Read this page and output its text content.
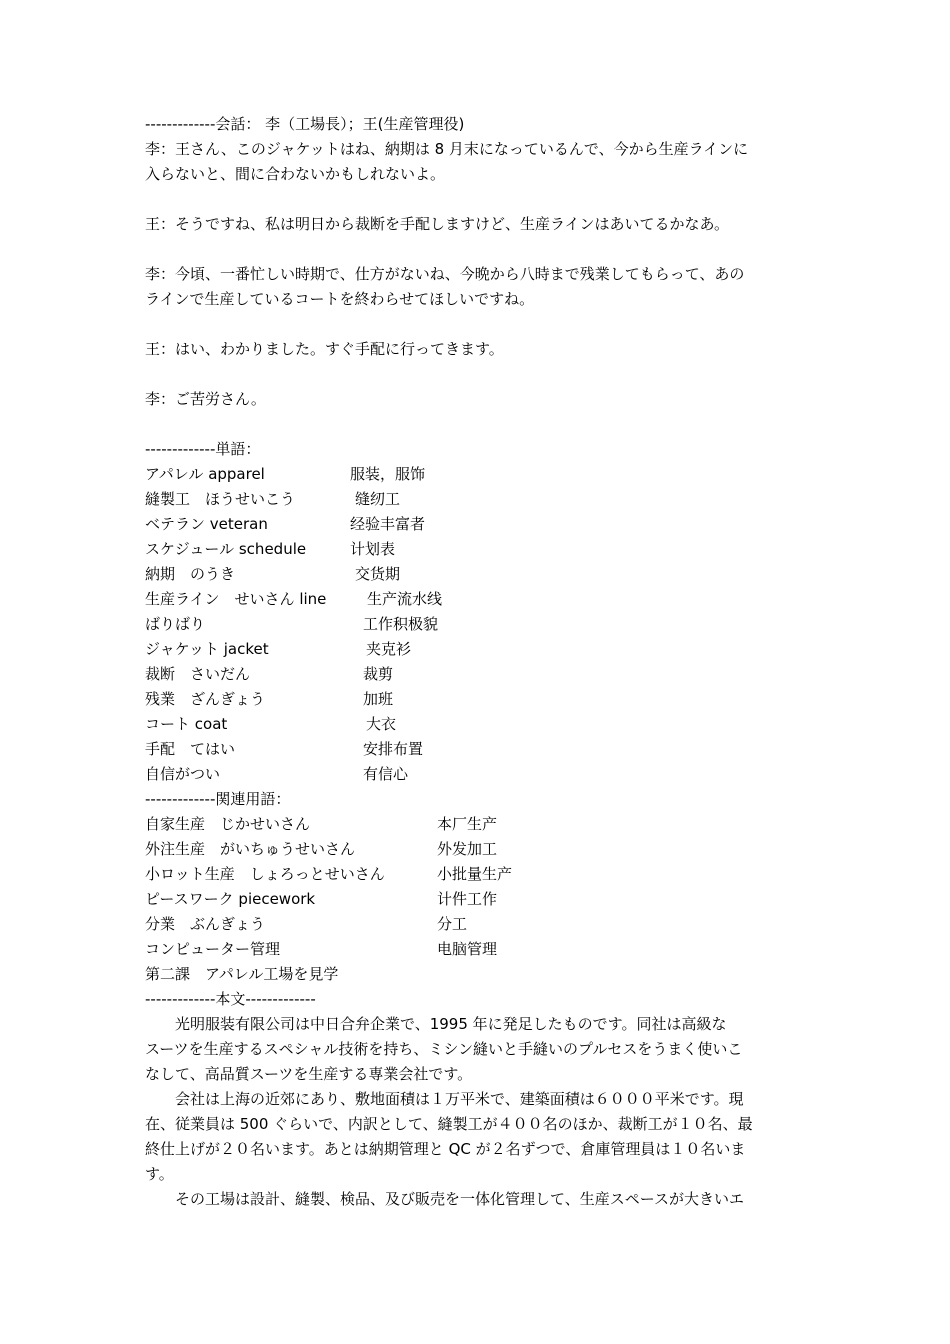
-------------会話： 李（工場長）；王(生産管理役)
李：王さん、このジャケットはね、納期は 8 月末になっているんで、今から生産ラインに
入らないと、間に合わないかもしれないよ。
王：そうですね、私は明日から裁断を手配しますけど、生産ラインはあいてるかなあ。
李：今頃、一番忙しい時期で、仕方がないね、今晩から八時まで残業してもらって、あの
ラインで生産しているコートを終わらせてほしいですね。
王：はい、わかりました。すぐ手配に行ってきます。
李：ご苦労さん。
-------------単語：
アパレル apparel	服装，服饰
縫製工　ほうせいこう	缝纫工
ベテラン veteran	经验丰富者
スケジュール schedule	计划表
納期　のうき	交货期
生産ライン　せいさん line	生产流水线
ばりばり	工作积极貌
ジャケット jacket	夹克衫
裁断　さいだん	裁剪
残業　ざんぎょう	加班
コート coat	大衣
手配　てはい	安排布置
自信がつい	有信心
-------------関連用語：
自家生産　じかせいさん	本厂生产
外注生産　がいちゅうせいさん	外发加工
小ロット生産　しょろっとせいさん	小批量生产
ピースワーク piecework	计件工作
分業　ぶんぎょう	分工
コンピューター管理	电脑管理
第二課　アパレル工場を見学
-------------本文-------------
　　光明服装有限公司は中日合弁企業で、1995 年に発足したものです。同社は高級な
スーツを生産するスペシャル技術を持ち、ミシン縫いと手縫いのプルセスをうまく使いこ
なして、高品質スーツを生産する専業会社です。
　　会社は上海の近郊にあり、敷地面積は１万平米で、建築面積は６０００平米です。現
在、従業員は 500 ぐらいで、内訳として、縫製工が４００名のほか、裁断工が１０名、最
終仕上げが２０名います。あとは納期管理と QC が２名ずつで、倉庫管理員は１０名いま
す。
　　その工場は設計、縫製、検品、及び販売を一体化管理して、生産スペースが大きいエ
